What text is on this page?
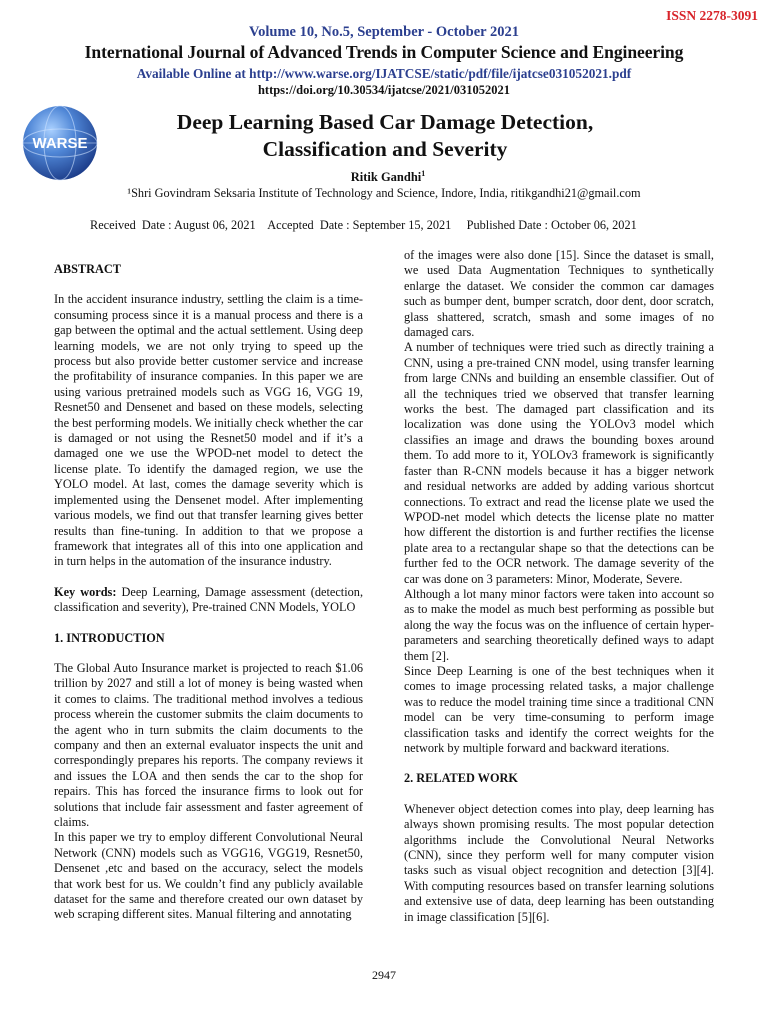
ISSN 2278-3091
Volume 10, No.5, September - October 2021
International Journal of Advanced Trends in Computer Science and Engineering
Available Online at http://www.warse.org/IJATCSE/static/pdf/file/ijatcse031052021.pdf
https://doi.org/10.30534/ijatcse/2021/031052021
WARSE
Deep Learning Based Car Damage Detection,
Classification and Severity
Ritik Gandhi$^1$
¹Shri Govindram Seksaria Institute of Technology and Science, Indore, India, ritikgandhi21@gmail.com
Received  Date : August 06, 2021    Accepted  Date : September 15, 2021     Published Date : October 06, 2021

ABSTRACT

In the accident insurance industry, settling the claim is a time-consuming process since it is a manual process and there is a gap between the optimal and the actual settlement. Using deep learning models, we are not only trying to speed up the process but also provide better customer service and increase the profitability of insurance companies. In this paper we are using various pretrained models such as VGG 16, VGG 19, Resnet50 and Densenet and based on these models, selecting the best performing models. We initially check whether the car is damaged or not using the Resnet50 model and if it’s a damaged one we use the WPOD-net model to detect the license plate. To identify the damaged region, we use the YOLO model. At last, comes the damage severity which is implemented using the Densenet model. After implementing various models, we find out that transfer learning gives better results than fine-tuning. In addition to that we propose a framework that integrates all of this into one application and in turn helps in the automation of the insurance industry.

Key words: Deep Learning, Damage assessment (detection, classification and severity), Pre-trained CNN Models, YOLO

1. INTRODUCTION

The Global Auto Insurance market is projected to reach $1.06 trillion by 2027 and still a lot of money is being wasted when it comes to claims. The traditional method involves a tedious process wherein the customer submits the claim documents to the agent who in turn submits the claim documents to the company and then an external evaluator inspects the unit and correspondingly prepares his reports. The company reviews it and issues the LOA and then sends the car to the shop for repairs. This has forced the insurance firms to look out for solutions that include fair assessment and faster agreement of claims.

In this paper we try to employ different Convolutional Neural Network (CNN) models such as VGG16, VGG19, Resnet50, Densenet ,etc and based on the accuracy, select the models that work best for us. We couldn’t find any publicly available dataset for the same and therefore created our own dataset by web scraping different sites. Manual filtering and annotating

of the images were also done [15]. Since the dataset is small, we used Data Augmentation Techniques to synthetically enlarge the dataset. We consider the common car damages such as bumper dent, bumper scratch, door dent, door scratch, glass shattered, scratch, smash and some images of no damaged cars.

A number of techniques were tried such as directly training a CNN, using a pre-trained CNN model, using transfer learning from large CNNs and building an ensemble classifier. Out of all the techniques tried we observed that transfer learning works the best. The damaged part classification and its localization was done using the YOLOv3 model which classifies an image and draws the bounding boxes around them. To add more to it, YOLOv3 framework is significantly faster than R-CNN models because it has a bigger network and residual networks are added by adding various shortcut connections. To extract and read the license plate we used the WPOD-net model which detects the license plate no matter how different the distortion is and further rectifies the license plate area to a rectangular shape so that the detections can be further fed to the OCR network. The damage severity of the car was done on 3 parameters: Minor, Moderate, Severe.

Although a lot many minor factors were taken into account so as to make the model as much best performing as possible but along the way the focus was on the influence of certain hyper-parameters and searching theoretically defined ways to adapt them [2].

Since Deep Learning is one of the best techniques when it comes to image processing related tasks, a major challenge was to reduce the model training time since a traditional CNN model can be very time-consuming to perform image classification tasks and identify the correct weights for the network by multiple forward and backward iterations.

2. RELATED WORK

Whenever object detection comes into play, deep learning has always shown promising results. The most popular detection algorithms include the Convolutional Neural Networks (CNN), since they perform well for many computer vision tasks such as visual object recognition and detection [3][4]. With computing resources based on transfer learning solutions and extensive use of data, deep learning has been outstanding in image classification [5][6].

2947
